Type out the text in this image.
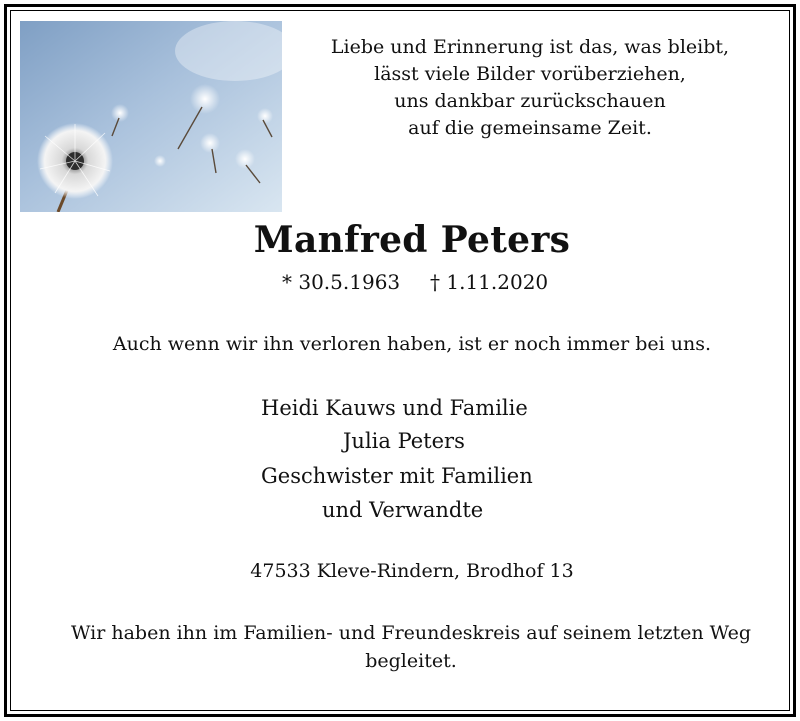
Liebe und Erinnerung ist das, was bleibt,
lässt viele Bilder vorüberziehen,
uns dankbar zurückschauen
auf die gemeinsame Zeit.
Manfred Peters
* 30.5.1963 † 1.11.2020
Auch wenn wir ihn verloren haben, ist er noch immer bei uns.
Heidi Kauws und Familie
Julia Peters
Geschwister mit Familien
und Verwandte
47533 Kleve-Rindern, Brodhof 13
Wir haben ihn im Familien- und Freundeskreis auf seinem letzten Weg
begleitet.
